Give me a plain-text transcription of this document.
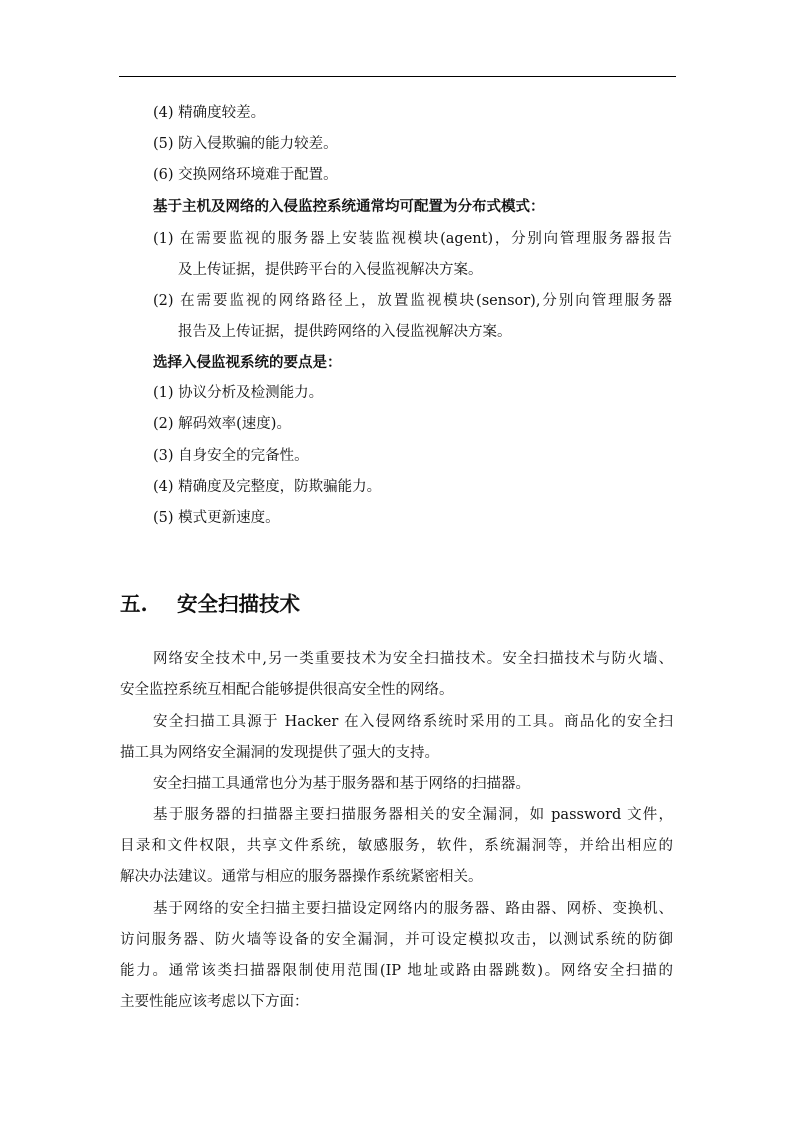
(4) 精确度较差。
(5) 防入侵欺骗的能力较差。
(6) 交换网络环境难于配置。
基于主机及网络的入侵监控系统通常均可配置为分布式模式：
(1) 在需要监视的服务器上安装监视模块(agent)，分别向管理服务器报告
及上传证据，提供跨平台的入侵监视解决方案。
(2) 在需要监视的网络路径上，放置监视模块(sensor),分别向管理服务器
报告及上传证据，提供跨网络的入侵监视解决方案。
选择入侵监视系统的要点是：
(1) 协议分析及检测能力。
(2) 解码效率(速度)。
(3) 自身安全的完备性。
(4) 精确度及完整度，防欺骗能力。
(5) 模式更新速度。
五. 安全扫描技术
网络安全技术中,另一类重要技术为安全扫描技术。安全扫描技术与防火墙、
安全监控系统互相配合能够提供很高安全性的网络。
安全扫描工具源于 Hacker 在入侵网络系统时采用的工具。商品化的安全扫
描工具为网络安全漏洞的发现提供了强大的支持。
安全扫描工具通常也分为基于服务器和基于网络的扫描器。
基于服务器的扫描器主要扫描服务器相关的安全漏洞，如 password 文件，
目录和文件权限，共享文件系统，敏感服务，软件，系统漏洞等，并给出相应的
解决办法建议。通常与相应的服务器操作系统紧密相关。
基于网络的安全扫描主要扫描设定网络内的服务器、路由器、网桥、变换机、
访问服务器、防火墙等设备的安全漏洞，并可设定模拟攻击，以测试系统的防御
能力。通常该类扫描器限制使用范围(IP 地址或路由器跳数)。网络安全扫描的
主要性能应该考虑以下方面：
